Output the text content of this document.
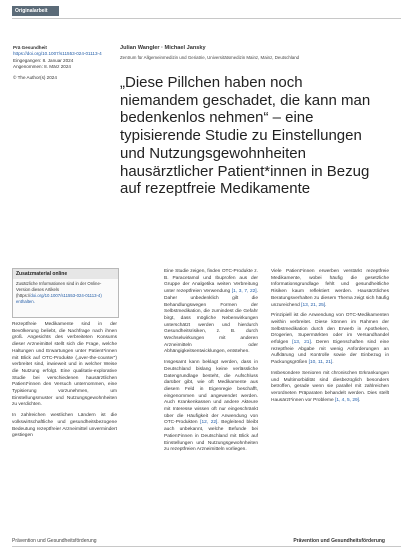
Originalarbeit
Prä Gesundheit
https://doi.org/10.1007/s11553-024-01113-4
Eingegangen: 8. Januar 2024
Angenommen: 8. März 2024
© The Author(s) 2024
Julian Wangler · Michael Jansky
Zentrum für Allgemeinmedizin und Geriatrie, Universitätsmedizin Mainz, Mainz, Deutschland
„Diese Pillchen haben noch niemandem geschadet, die kann man bedenkenlos nehmen“ – eine typisierende Studie zu Einstellungen und Nutzungsgewohnheiten hausärztlicher Patient*innen in Bezug auf rezeptfreie Medikamente
Zusatzmaterial online
Zusätzliche Informationen sind in der Online-Version dieses Artikels (https://doi.org/10.1007/s11553-024-01113-4) enthalten.

Rezeptfreie Medikamente sind in der Bevölkerung beliebt, die Nachfrage nach ihnen groß. Angesichts des verbreiteten Konsums dieser Arzneimittel stellt sich die Frage, welche Haltungen und Erwartungen unter Patient*innen mit Blick auf OTC-Produkte („over-the-counter“) verbreitet sind, inwieweit und in welcher Weise die Nutzung erfolgt. Eine qualitativ-explorative Studie bei verschiedenen hausärztlichen Patient*innen den Versuch unternommen, eine Typisierung vorzunehmen, um Einstellungsmuster und Nutzungsgewohnheiten zu verdichten.

In zahlreichen westlichen Ländern ist die volkswirtschaftliche und gesundheitsbezogene Bedeutung rezeptfreier Arzneimittel unvermindert gestiegen

Eine Studie zeigen, finden OTC-Produkte z. B. Paracetamol und Ibuprofen aus der Gruppe der Analgetika weiten Verbreitung unter rezeptfreien Verwendung [1, 3, 7, 22]. Daher unbedenklich gilt die Behandlungswegen Formen der Selbstmedikation, die zumindest die Gefahr birgt, dass mögliche Nebenwirkungen unterschätzt werden und hierdurch Gesundheitsrisiken, z. B. durch Wechselwirkungen mit anderen Arzneimitteln oder Abhängigkeitsentwicklungen, entstehen.

Insgesamt kann beklagt werden, dass in Deutschland bislang keine verlässliche Datengrundlage besteht, die Aufschluss darüber gibt, wie oft Medikamente aus diesem Feld in Eigenregie beschafft, eingenommen und angewendet werden. Auch Krankenkassen und andere Akteure mit Interesse wissen oft nur eingeschränkt über die Häufigkeit der Anwendung von OTC-Produkten [12, 22]. Begleitend bleibt auch unbekannt, welche Befunde bei Patient*innen in Deutschland mit Blick auf Einstellungen und Nutzungsgewohnheiten zu rezeptfreien Arzneimitteln vorliegen.

Viele Patient*innen erwerben verstärkt rezeptfreie Medikamente, wobei häufig die gesetzliche Informationsgrundlage fehlt und gesundheitliche Risiken kaum reflektiert werden. Hausärztliches Beratungsverhalten zu diesem Thema zeigt sich häufig unzureichend [13, 21, 25].

Prinzipiell ist die Anwendung von OTC-Medikamenten weithin verbreitet. Diese können im Rahmen der Selbstmedikation durch den Erwerb in Apotheken, Drogerien, Supermärkten oder im Versandhandel erfolgen [13, 21]. Deren Eigenschaften sind eine rezeptfreie Abgabe mit wenig Anforderungen an Aufklärung und Kontrolle sowie der Einbezug in Packungsgrößen [10, 11, 21].

Insbesondere Senioren mit chronischen Erkrankungen und Multimorbidität sind diesbezüglich besonders betroffen, gerade wenn sie parallel mit zahlreichen verordneten Präparaten behandelt werden. Dies stellt Hausärzt*innen vor Probleme [1, 4, 5, 29].

Prävention und Gesundheitsförderung	Prävention und Gesundheitsförderung
